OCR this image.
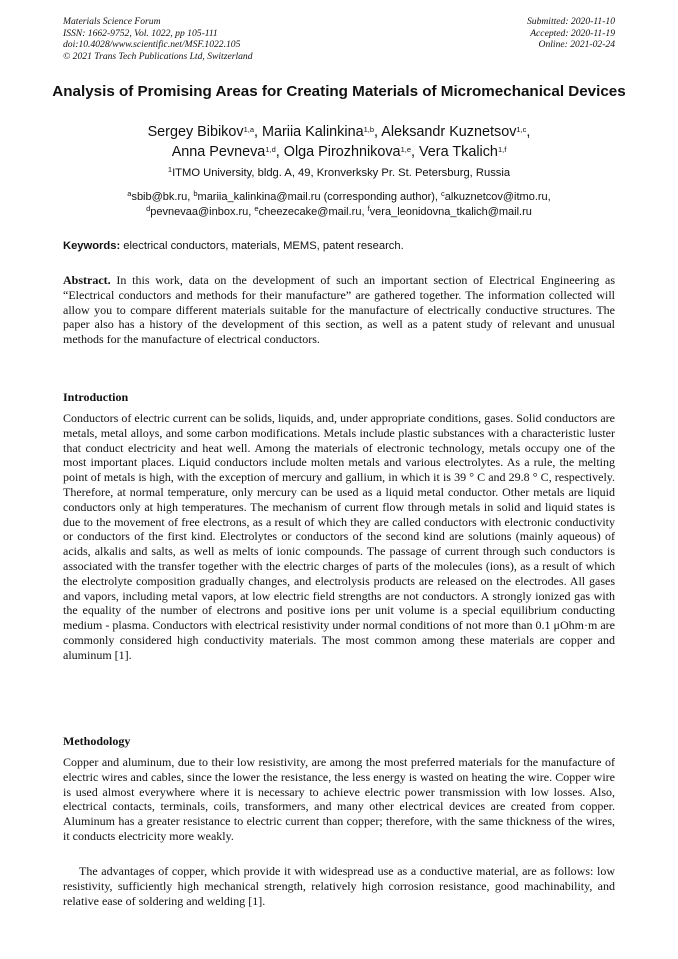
Materials Science Forum
ISSN: 1662-9752, Vol. 1022, pp 105-111
doi:10.4028/www.scientific.net/MSF.1022.105
© 2021 Trans Tech Publications Ltd, Switzerland
Submitted: 2020-11-10
Accepted: 2020-11-19
Online: 2021-02-24
Analysis of Promising Areas for Creating Materials of Micromechanical Devices
Sergey Bibikov$^{1,a}$, Mariia Kalinkina$^{1,b}$, Aleksandr Kuznetsov$^{1,c}$,
Anna Pevneva$^{1,d}$, Olga Pirozhnikova$^{1,e}$, Vera Tkalich$^{1,f}$
$^1$ITMO University, bldg. A, 49, Kronverksky Pr. St. Petersburg, Russia
$^a$sbib@bk.ru, $^b$mariia_kalinkina@mail.ru (corresponding author), $^c$alkuznetcov@itmo.ru,
$^d$pevnevaa@inbox.ru, $^e$cheezecake@mail.ru, $^f$vera_leonidovna_tkalich@mail.ru
Keywords: electrical conductors, materials, MEMS, patent research.
Abstract. In this work, data on the development of such an important section of Electrical Engineering as “Electrical conductors and methods for their manufacture” are gathered together. The information collected will allow you to compare different materials suitable for the manufacture of electrically conductive structures. The paper also has a history of the development of this section, as well as a patent study of relevant and unusual methods for the manufacture of electrical conductors.
Introduction
Conductors of electric current can be solids, liquids, and, under appropriate conditions, gases. Solid conductors are metals, metal alloys, and some carbon modifications. Metals include plastic substances with a characteristic luster that conduct electricity and heat well. Among the materials of electronic technology, metals occupy one of the most important places. Liquid conductors include molten metals and various electrolytes. As a rule, the melting point of metals is high, with the exception of mercury and gallium, in which it is 39 ° C and 29.8 ° C, respectively. Therefore, at normal temperature, only mercury can be used as a liquid metal conductor. Other metals are liquid conductors only at high temperatures. The mechanism of current flow through metals in solid and liquid states is due to the movement of free electrons, as a result of which they are called conductors with electronic conductivity or conductors of the first kind. Electrolytes or conductors of the second kind are solutions (mainly aqueous) of acids, alkalis and salts, as well as melts of ionic compounds. The passage of current through such conductors is associated with the transfer together with the electric charges of parts of the molecules (ions), as a result of which the electrolyte composition gradually changes, and electrolysis products are released on the electrodes. All gases and vapors, including metal vapors, at low electric field strengths are not conductors. A strongly ionized gas with the equality of the number of electrons and positive ions per unit volume is a special equilibrium conducting medium - plasma. Conductors with electrical resistivity under normal conditions of not more than 0.1 μOhm·m are commonly considered high conductivity materials. The most common among these materials are copper and aluminum [1].
Methodology
Copper and aluminum, due to their low resistivity, are among the most preferred materials for the manufacture of electric wires and cables, since the lower the resistance, the less energy is wasted on heating the wire. Copper wire is used almost everywhere where it is necessary to achieve electric power transmission with low losses. Also, electrical contacts, terminals, coils, transformers, and many other electrical devices are created from copper. Aluminum has a greater resistance to electric current than copper; therefore, with the same thickness of the wires, it conducts electricity more weakly.
The advantages of copper, which provide it with widespread use as a conductive material, are as follows: low resistivity, sufficiently high mechanical strength, relatively high corrosion resistance, good machinability, and relative ease of soldering and welding [1].
